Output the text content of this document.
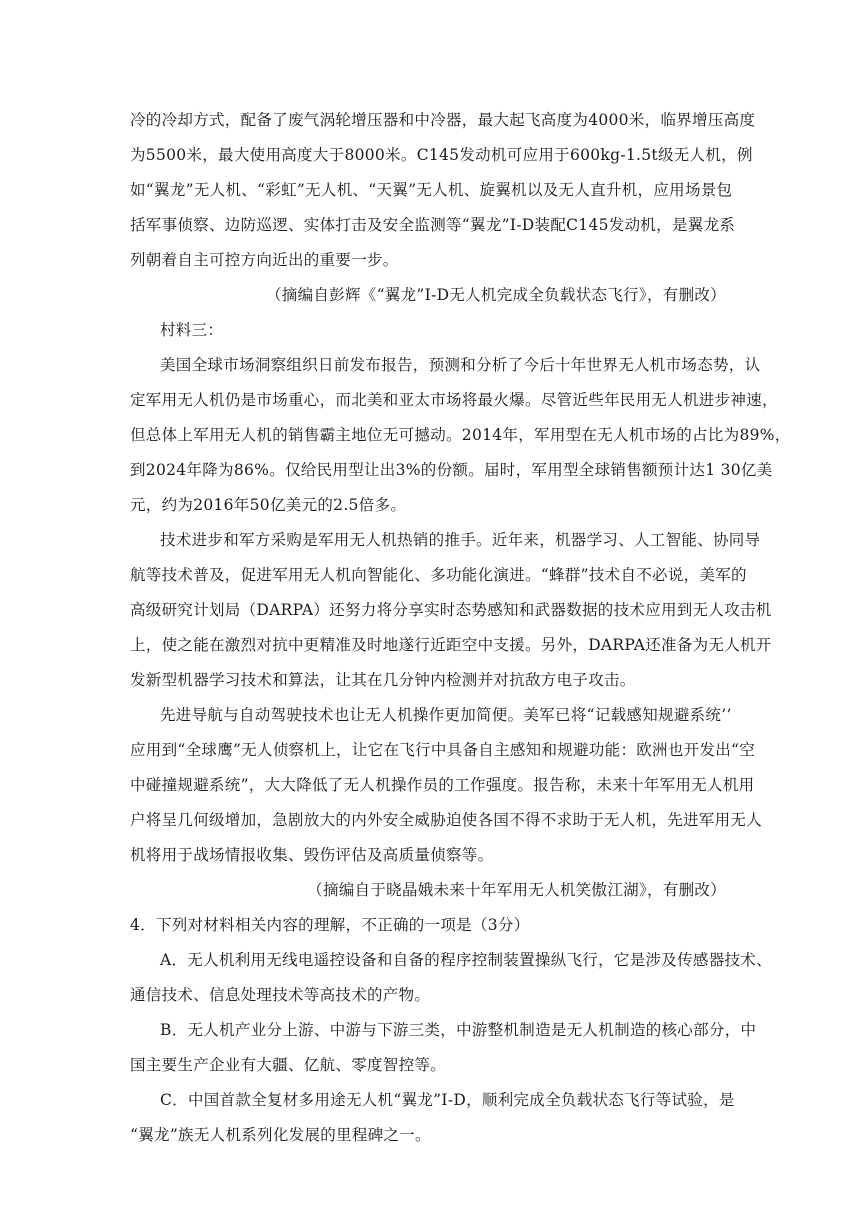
冷的冷却方式，配备了废气涡轮增压器和中冷器，最大起飞高度为4000米，临界增压高度
为5500米，最大使用高度大于8000米。C145发动机可应用于600kg-1.5t级无人机，例
如“翼龙”无人机、“彩虹”无人机、“天翼”无人机、旋翼机以及无人直升机，应用场景包
括军事侦察、边防巡逻、实体打击及安全监测等“翼龙”Ⅰ-D装配C145发动机，是翼龙系
列朝着自主可控方向近出的重要一步。
（摘编自彭辉《“翼龙”Ⅰ-D无人机完成全负载状态飞行》，有删改）
村料三：
美国全球市场洞察组织日前发布报告，预测和分析了今后十年世界无人机市场态势，认
定军用无人机仍是市场重心，而北美和亚太市场将最火爆。尽管近些年民用无人机进步神速，
但总体上军用无人机的销售霸主地位无可撼动。2014年，军用型在无人机市场的占比为89%，
到2024年降为86%。仅给民用型让出3%的份额。届时，军用型全球销售额预计达1 30亿美
元，约为2016年50亿美元的2.5倍多。
技术进步和军方采购是军用无人机热销的推手。近年来，机器学习、人工智能、协同导
航等技术普及，促进军用无人机向智能化、多功能化演进。“蜂群”技术自不必说，美军的
高级研究计划局（DARPA）还努力将分享实时态势感知和武器数据的技术应用到无人攻击机
上，使之能在激烈对抗中更精准及时地遂行近距空中支援。另外，DARPA还准备为无人机开
发新型机器学习技术和算法，让其在几分钟内检测并对抗敌方电子攻击。
先进导航与自动驾驶技术也让无人机操作更加简便。美军已将“记载感知规避系统’’
应用到“全球鹰”无人侦察机上，让它在飞行中具备自主感知和规避功能：欧洲也开发出“空
中碰撞规避系统”，大大降低了无人机操作员的工作强度。报告称，未来十年军用无人机用
户将呈几何级增加，急剧放大的内外安全威胁迫使各国不得不求助于无人机，先进军用无人
机将用于战场情报收集、毁伤评估及高质量侦察等。
（摘编自于晓晶娥未来十年军用无人机笑傲江湖》，有删改）
4．下列对材料相关内容的理解，不正确的一项是（3分）
A．无人机利用无线电遥控设备和自备的程序控制装置操纵飞行，它是涉及传感器技术、
通信技术、信息处理技术等高技术的产物。
B．无人机产业分上游、中游与下游三类，中游整机制造是无人机制造的核心部分，中
国主要生产企业有大疆、亿航、零度智控等。
C．中国首款全复材多用途无人机“翼龙”Ⅰ-D，顺利完成全负载状态飞行等试验，是
“翼龙”族无人机系列化发展的里程碑之一。
